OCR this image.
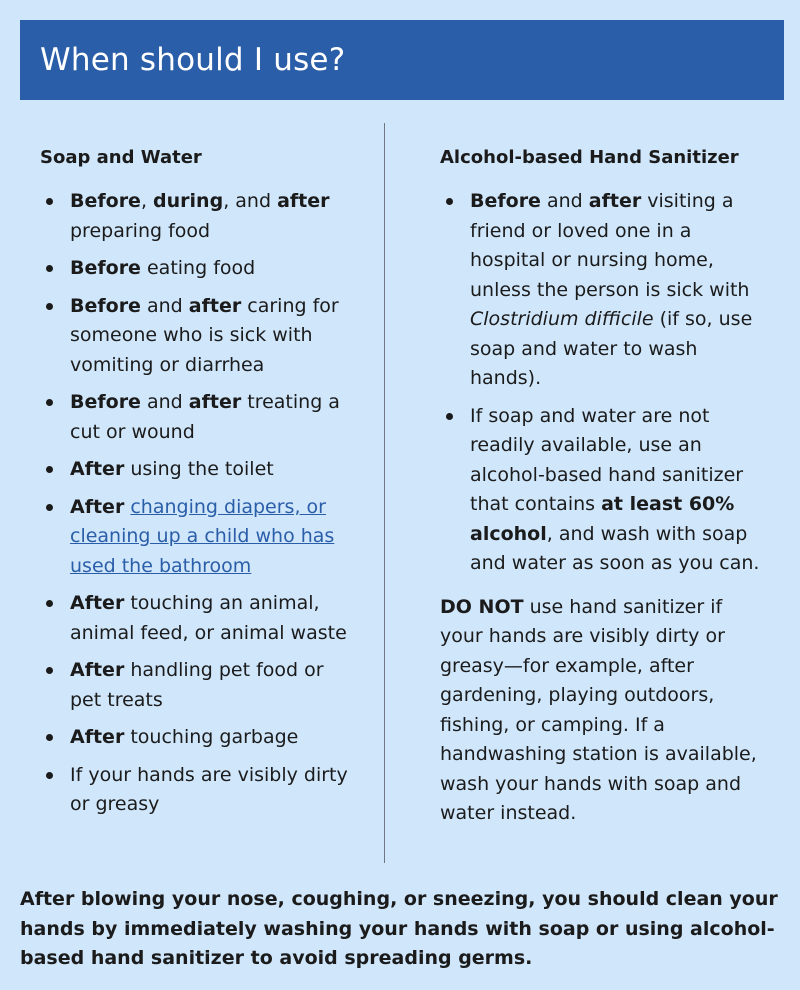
When should I use?
Soap and Water
Before, during, and after preparing food
Before eating food
Before and after caring for someone who is sick with vomiting or diarrhea
Before and after treating a cut or wound
After using the toilet
After changing diapers, or cleaning up a child who has used the bathroom
After touching an animal, animal feed, or animal waste
After handling pet food or pet treats
After touching garbage
If your hands are visibly dirty or greasy
Alcohol-based Hand Sanitizer
Before and after visiting a friend or loved one in a hospital or nursing home, unless the person is sick with Clostridium difficile (if so, use soap and water to wash hands).
If soap and water are not readily available, use an alcohol-based hand sanitizer that contains at least 60% alcohol, and wash with soap and water as soon as you can.
DO NOT use hand sanitizer if your hands are visibly dirty or greasy—for example, after gardening, playing outdoors, fishing, or camping. If a handwashing station is available, wash your hands with soap and water instead.
After blowing your nose, coughing, or sneezing, you should clean your hands by immediately washing your hands with soap or using alcohol-based hand sanitizer to avoid spreading germs.
